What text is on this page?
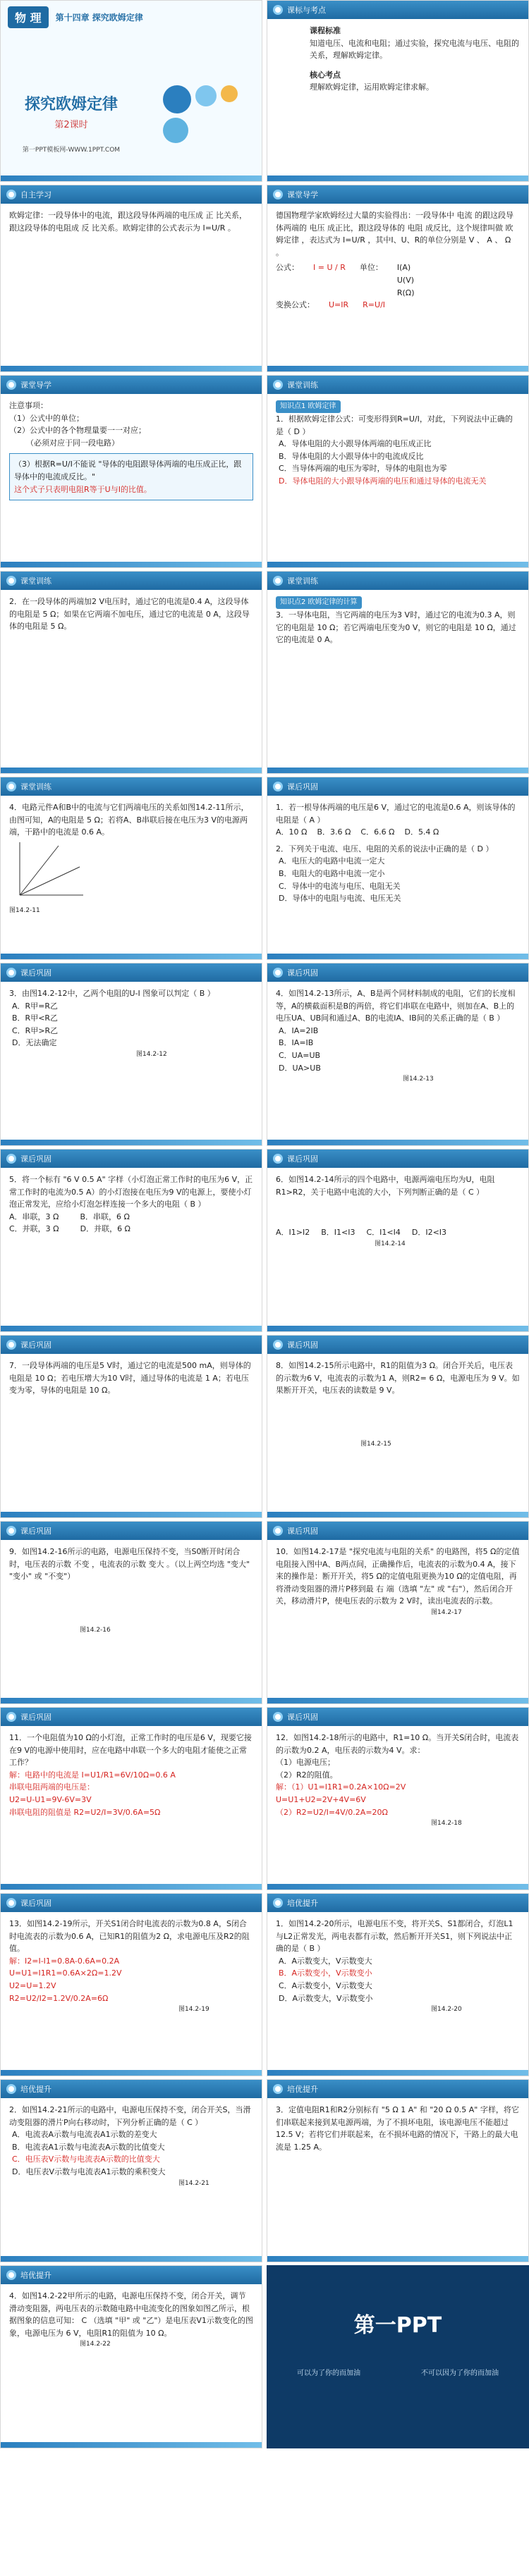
物 理	第十四章 探究欧姆定律
探究欧姆定律
第2课时
第一PPT模板网-WWW.1PPT.COM
课标与考点
课程标准
知道电压、电流和电阻；通过实验，探究电流与电压、电阻的关系，理解欧姆定律。
核心考点
理解欧姆定律，运用欧姆定律求解。
自主学习
欧姆定律：一段导体中的电流，跟这段导体两端的电压成 正 比关系，跟这段导体的电阻成 反 比关系。欧姆定律的公式表示为 I=U/R 。
课堂导学
德国物理学家欧姆经过大量的实验得出：一段导体中 电流 的跟这段导体两端的 电压 成正比，跟这段导体的 电阻 成反比，这个规律叫做 欧姆定律 ，表达式为 I=U/R ，其中I、U、R的单位分别是 V 、 A 、 Ω 。
公式： I = U / R 单位： I(A)
U(V)
R(Ω)
变换公式： U=IR R=U/I
课堂导学
注意事项：
（1）公式中的单位；
（2）公式中的各个物理量要一一对应；
（必须对应于同一段电路）
（3）根据R=U/I不能说 "导体的电阻跟导体两端的电压成正比，跟导体中的电流成反比。"
这个式子只表明电阻R等于U与I的比值。
课堂训练
知识点1 欧姆定律
1．根据欧姆定律公式：可变形得到R=U/I，对此，下列说法中正确的是（ D ）
A．导体电阻的大小跟导体两端的电压成正比
B．导体电阻的大小跟导体中的电流成反比
C．当导体两端的电压为零时，导体的电阻也为零
D．导体电阻的大小跟导体两端的电压和通过导体的电流无关
课堂训练
2．在一段导体的两端加2 V电压时，通过它的电流是0.4 A，这段导体的电阻是 5 Ω；如果在它两端不加电压，通过它的电流是 0 A，这段导体的电阻是 5 Ω。
课堂训练
知识点2 欧姆定律的计算
3．一导体电阻，当它两端的电压为3 V时，通过它的电流为0.3 A，则它的电阻是 10 Ω；若它两端电压变为0 V，则它的电阻是 10 Ω，通过它的电流是 0 A。
课堂训练
4．电路元件A和B中的电流与它们两端电压的关系如图14.2-11所示，由图可知，A的电阻是 5 Ω；若将A、B串联后接在电压为3 V的电源两端，干路中的电流是 0.6 A。
图14.2-11
课后巩固
1．若一根导体两端的电压是6 V，通过它的电流是0.6 A，则该导体的电阻是（ A ）
A．10 Ω B．3.6 Ω C．6.6 Ω D．5.4 Ω
2．下列关于电流、电压、电阻的关系的说法中正确的是（ D ）
A．电压大的电路中电流一定大
B．电阻大的电路中电流一定小
C．导体中的电流与电压、电阻无关
D．导体中的电阻与电流、电压无关
课后巩固
3．由图14.2-12中，乙两个电阻的U-I 图象可以判定（ B ）
A．R甲=R乙
B．R甲<R乙
C．R甲>R乙
D．无法确定
图14.2-12
课后巩固
4．如图14.2-13所示，A、B是两个同材料制成的电阻，它们的长度相等，A的横截面积是B的两倍，将它们串联在电路中，则加在A、B上的电压UA、UB间和通过A、B的电流IA、IB间的关系正确的是（ B ）
A．IA=2IB
B．IA=IB
C．UA=UB
D．UA>UB
图14.2-13
课后巩固
5．将一个标有 "6 V 0.5 A" 字样（小灯泡正常工作时的电压为6 V，正常工作时的电流为0.5 A）的小灯泡接在电压为9 V的电源上，要使小灯泡正常发光，应给小灯泡怎样连接一个多大的电阻（ B ）
A．串联，3 Ω	B．串联，6 Ω
C．并联，3 Ω	D．并联，6 Ω
课后巩固
6．如图14.2-14所示的四个电路中，电源两端电压均为U，电阻R1>R2，关于电路中电流的大小，下列判断正确的是（ C ）
A．I1>I2 B．I1<I3 C．I1<I4 D．I2<I3
图14.2-14
课后巩固
7．一段导体两端的电压是5 V时，通过它的电流是500 mA，则导体的电阻是 10 Ω；若电压增大为10 V时，通过导体的电流是 1 A；若电压变为零，导体的电阻是 10 Ω。
课后巩固
8．如图14.2-15所示电路中，R1的阻值为3 Ω。闭合开关后，电压表的示数为6 V，电流表的示数为1 A，则R2= 6 Ω，电源电压为 9 V。如果断开开关，电压表的读数是 9 V。
图14.2-15
课后巩固
9．如图14.2-16所示的电路，电源电压保持不变，当S0断开时闭合时，电压表的示数 不变 ，电流表的示数 变大 。（以上两空均选 "变大" "变小" 或 "不变"）
图14.2-16
课后巩固
10．如图14.2-17是 "探究电流与电阻的关系" 的电路图，将5 Ω的定值电阻接入图中A、B两点间，正确操作后，电流表的示数为0.4 A，接下来的操作是：断开开关，将5 Ω的定值电阻更换为10 Ω的定值电阻，再将滑动变阻器的滑片P移到最 右 端（选填 "左" 或 "右"），然后闭合开关，移动滑片P，使电压表的示数为 2 V时，读出电流表的示数。
图14.2-17
课后巩固
11．一个电阻值为10 Ω的小灯泡，正常工作时的电压是6 V，现要它接在9 V的电源中使用时，应在电路中串联一个多大的电阻才能使之正常工作？
解：电路中的电流是 I=U1/R1=6V/10Ω=0.6 A
串联电阻两端的电压是：
U2=U-U1=9V-6V=3V
串联电阻的阻值是 R2=U2/I=3V/0.6A=5Ω
课后巩固
12．如图14.2-18所示的电路中，R1=10 Ω。当开关S闭合时，电流表的示数为0.2 A，电压表的示数为4 V。求：
（1）电源电压；
（2）R2的阻值。
解：（1）U1=I1R1=0.2A×10Ω=2V
U=U1+U2=2V+4V=6V
（2）R2=U2/I=4V/0.2A=20Ω
图14.2-18
课后巩固
13．如图14.2-19所示，开关S1闭合时电流表的示数为0.8 A，S闭合时电流表的示数为0.6 A，已知R1的阻值为2 Ω，求电源电压及R2的阻值。
解：I2=I-I1=0.8A-0.6A=0.2A
U=U1=I1R1=0.6A×2Ω=1.2V
U2=U=1.2V
R2=U2/I2=1.2V/0.2A=6Ω
图14.2-19
培优提升
1．如图14.2-20所示，电源电压不变，将开关S、S1都闭合，灯泡L1与L2正常发光，两电表都有示数，然后断开开关S1，则下列说法中正确的是（ B ）
A．A示数变大，V示数变大
B．A示数变小，V示数变小
C．A示数变小，V示数变大
D．A示数变大，V示数变小
图14.2-20
培优提升
2．如图14.2-21所示的电路中，电源电压保持不变，闭合开关S，当滑动变阻器的滑片P向右移动时，下列分析正确的是（ C ）
A．电流表A示数与电流表A1示数的差变大
B．电流表A1示数与电流表A示数的比值变大
C．电压表V示数与电流表A示数的比值变大
D．电压表V示数与电流表A1示数的乘积变大
图14.2-21
培优提升
3．定值电阻R1和R2分别标有 "5 Ω 1 A" 和 "20 Ω 0.5 A" 字样，将它们串联起来接到某电源两端，为了不损坏电阻，该电源电压不能超过 12.5 V；若将它们并联起来，在不损坏电路的情况下，干路上的最大电流是 1.25 A。
培优提升
4．如图14.2-22甲所示的电路，电源电压保持不变，闭合开关，调节滑动变阻器，两电压表的示数随电路中电流变化的图象如图乙所示，根据图象的信息可知： C （选填 "甲" 或 "乙"）是电压表V1示数变化的图象，电源电压为 6 V，电阻R1的阻值为 10 Ω。
图14.2-22
第一PPT
可以为了你的而加油	不可以因为了你的而加油
